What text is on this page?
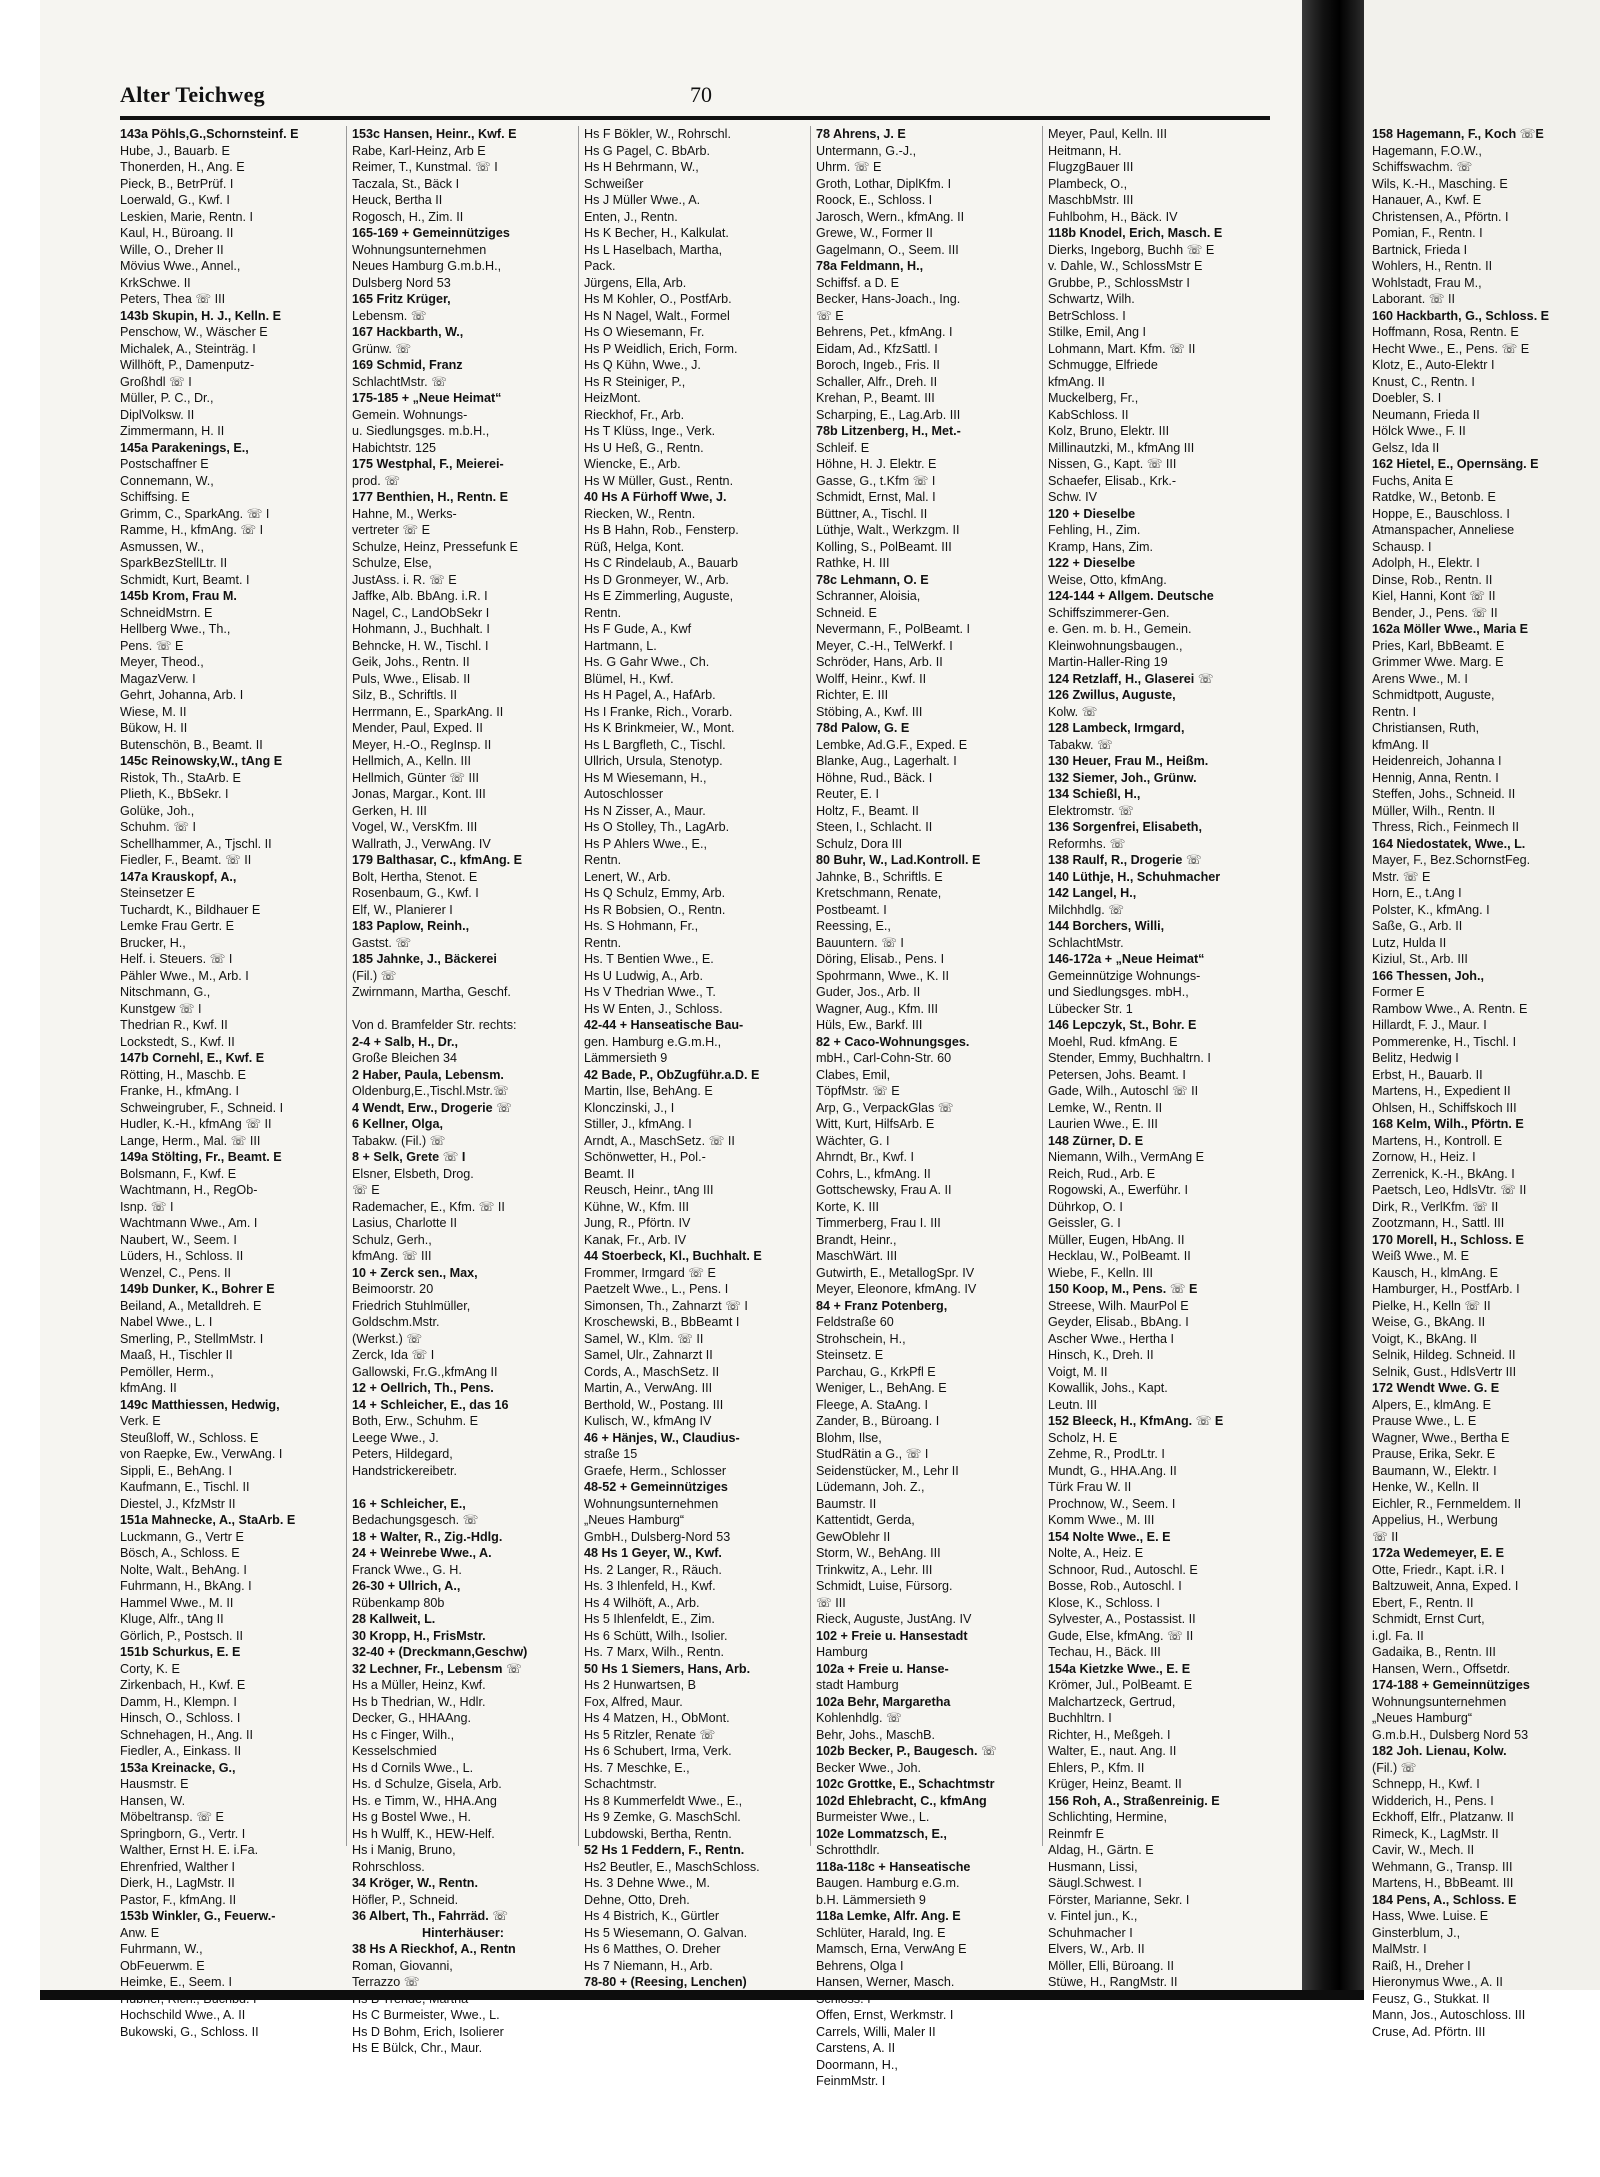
Alter Teichweg	70
143a Pöhls,G.,Schornsteinf. E
Hube, J., Bauarb. E
Thonerden, H., Ang. E
Pieck, B., BetrPrüf. I
Loerwald, G., Kwf. I
Leskien, Marie, Rentn. I
Kaul, H., Büroang. II
Wille, O., Dreher II
Mövius Wwe., Annel.,
KrkSchwe. II
Peters, Thea ☏ III
143b Skupin, H. J., Kelln. E
Penschow, W., Wäscher E
Michalek, A., Steinträg. I
Willhöft, P., Damenputz-
Großhdl ☏ I
Müller, P. C., Dr.,
DiplVolksw. II
Zimmermann, H. II
145a Parakenings, E.,
Postschaffner E
Connemann, W.,
Schiffsing. E
Grimm, C., SparkAng. ☏ I
Ramme, H., kfmAng. ☏ I
Asmussen, W.,
SparkBezStellLtr. II
Schmidt, Kurt, Beamt. I
145b Krom, Frau M.
SchneidMstrn. E
Hellberg Wwe., Th.,
Pens. ☏ E
Meyer, Theod.,
MagazVerw. I
Gehrt, Johanna, Arb. I
Wiese, M. II
Bükow, H. II
Butenschön, B., Beamt. II
145c Reinowsky,W., tAng E
Ristok, Th., StaArb. E
Plieth, K., BbSekr. I
Golüke, Joh.,
Schuhm. ☏ I
Schellhammer, A., Tjschl. II
Fiedler, F., Beamt. ☏ II
147a Krauskopf, A.,
Steinsetzer E
Tuchardt, K., Bildhauer E
Lemke Frau Gertr. E
Brucker, H.,
Helf. i. Steuers. ☏ I
Pähler Wwe., M., Arb. I
Nitschmann, G.,
Kunstgew ☏ I
Thedrian R., Kwf. II
Lockstedt, S., Kwf. II
147b Cornehl, E., Kwf. E
Rötting, H., Maschb. E
Franke, H., kfmAng. I
Schweingruber, F., Schneid. I
Hudler, K.-H., kfmAng ☏ II
Lange, Herm., Mal. ☏ III
149a Stölting, Fr., Beamt. E
Bolsmann, F., Kwf. E
Wachtmann, H., RegOb-
Isnp. ☏ I
Wachtmann Wwe., Am. I
Naubert, W., Seem. I
Lüders, H., Schloss. II
Wenzel, C., Pens. II
149b Dunker, K., Bohrer E
Beiland, A., Metalldreh. E
Nabel Wwe., L. I
Smerling, P., StellmMstr. I
Maaß, H., Tischler II
Pemöller, Herm.,
kfmAng. II
149c Matthiessen, Hedwig,
Verk. E
Steußloff, W., Schloss. E
von Raepke, Ew., VerwAng. I
Sippli, E., BehAng. I
Kaufmann, E., Tischl. II
Diestel, J., KfzMstr II
151a Mahnecke, A., StaArb. E
Luckmann, G., Vertr E
Bösch, A., Schloss. E
Nolte, Walt., BehAng. I
Fuhrmann, H., BkAng. I
Hammel Wwe., M. II
Kluge, Alfr., tAng II
Görlich, P., Postsch. II
151b Schurkus, E. E
Corty, K. E
Zirkenbach, H., Kwf. E
Damm, H., Klempn. I
Hinsch, O., Schloss. I
Schnehagen, H., Ang. II
Fiedler, A., Einkass. II
153a Kreinacke, G.,
Hausmstr. E
Hansen, W.
Möbeltransp. ☏ E
Springborn, G., Vertr. I
Walther, Ernst H. E. i.Fa.
Ehrenfried, Walther I
Dierk, H., LagMstr. II
Pastor, F., kfmAng. II
153b Winkler, G., Feuerw.-
Anw. E
Fuhrmann, W.,
ObFeuerwm. E
Heimke, E., Seem. I
Hochschild Wwe., A. II
Bukowski, G., Schloss. II
153c Hansen, Heinr., Kwf. E
Rabe, Karl-Heinz, Arb E
Reimer, T., Kunstmal. ☏ I
Taczala, St., Bäck I
Heuck, Bertha II
Rogosch, H., Zim. II
165-169 + Gemeinnütziges
Wohnungsunternehmen
Neues Hamburg G.m.b.H.,
Dulsberg Nord 53
165 Fritz Krüger,
Lebensm. ☏
167 Hackbarth, W.,
Grünw. ☏
169 Schmid, Franz
SchlachtMstr. ☏
175-185 + „Neue Heimat“
Gemein. Wohnungs-
u. Siedlungsges. m.b.H.,
Habichtstr. 125
175 Westphal, F., Meierei-
prod. ☏
177 Benthien, H., Rentn. E
Hahne, M., Werks-
vertreter ☏ E
Schulze, Heinz, Pressefunk E
Schulze, Else,
JustAss. i. R. ☏ E
Jaffke, Alb. BbAng. i.R. I
Nagel, C., LandObSekr I
Hohmann, J., Buchhalt. I
Behncke, H. W., Tischl. I
Geik, Johs., Rentn. II
Puls, Wwe., Elisab. II
Silz, B., Schriftls. II
Herrmann, E., SparkAng. II
Mender, Paul, Exped. II
Meyer, H.-O., RegInsp. II
Hellmich, A., Kelln. III
Hellmich, Günter ☏ III
Jonas, Margar., Kont. III
Gerken, H. III
Vogel, W., VersKfm. III
Wallrath, J., VerwAng. IV
179 Balthasar, C., kfmAng. E
Bolt, Hertha, Stenot. E
Rosenbaum, G., Kwf. I
Elf, W., Planierer I
183 Paplow, Reinh.,
Gastst. ☏
185 Jahnke, J., Bäckerei
(Fil.) ☏
Zwirnmann, Martha, Geschf.

Von d. Bramfelder Str. rechts:
2-4 + Salb, H., Dr.,
Große Bleichen 34
2 Haber, Paula, Lebensm.
Oldenburg,E.,Tischl.Mstr.☏
4 Wendt, Erw., Drogerie ☏
6 Kellner, Olga,
Tabakw. (Fil.) ☏
8 + Selk, Grete ☏ I
Elsner, Elsbeth, Drog.
☏ E
Rademacher, E., Kfm. ☏ II
Lasius, Charlotte II
Schulz, Gerh.,
kfmAng. ☏ III
10 + Zerck sen., Max,
Beimoorstr. 20
Friedrich Stuhlmüller,
Goldschm.Mstr.
(Werkst.) ☏
Zerck, Ida ☏ I
Gallowski, Fr.G.,kfmAng II
12 + Oellrich, Th., Pens.
14 + Schleicher, E., das 16
Both, Erw., Schuhm. E
Leege Wwe., J.
Peters, Hildegard,
Handstrickereibetr.

16 + Schleicher, E.,
Bedachungsgesch. ☏
18 + Walter, R., Zig.-Hdlg.
24 + Weinrebe Wwe., A.
Franck Wwe., G. H.
26-30 + Ullrich, A.,
Rübenkamp 80b
28 Kallweit, L.
30 Kropp, H., FrisMstr.
32-40 + (Dreckmann,Geschw)
32 Lechner, Fr., Lebensm ☏
Hs a Müller, Heinz, Kwf.
Hs b Thedrian, W., Hdlr.
Decker, G., HHAAng.
Hs c Finger, Wilh.,
Kesselschmied
Hs d Cornils Wwe., L.
Hs. d Schulze, Gisela, Arb.
Hs. e Timm, W., HHA.Ang
Hs g Bostel Wwe., H.
Hs h Wulff, K., HEW-Helf.
Hs i Manig, Bruno,
Rohrschloss.
34 Kröger, W., Rentn.
Höfler, P., Schneid.
36 Albert, Th., Fahrräd. ☏
Hinterhäuser:
38 Hs A Rieckhof, A., Rentn
Roman, Giovanni,
Terrazzo ☏
Hs C Burmeister, Wwe., L.
Hs D Bohm, Erich, Isolierer
Hs E Bülck, Chr., Maur.
Hs F Bökler, W., Rohrschl.
Hs G Pagel, C. BbArb.
Hs H Behrmann, W.,
Schweißer
Hs J Müller Wwe., A.
Enten, J., Rentn.
Hs K Becher, H., Kalkulat.
Hs L Haselbach, Martha,
Pack.
Jürgens, Ella, Arb.
Hs M Kohler, O., PostfArb.
Hs N Nagel, Walt., Formel
Hs O Wiesemann, Fr.
Hs P Weidlich, Erich, Form.
Hs Q Kühn, Wwe., J.
Hs R Steiniger, P.,
HeizMont.
Rieckhof, Fr., Arb.
Hs T Klüss, Inge., Verk.
Hs U Heß, G., Rentn.
Wiencke, E., Arb.
Hs W Müller, Gust., Rentn.
40 Hs A Fürhoff Wwe, J.
Riecken, W., Rentn.
Hs B Hahn, Rob., Fensterp.
Rüß, Helga, Kont.
Hs C Rindelaub, A., Bauarb
Hs D Gronmeyer, W., Arb.
Hs E Zimmerling, Auguste,
Rentn.
Hs F Gude, A., Kwf
Hartmann, L.
Hs. G Gahr Wwe., Ch.
Blümel, H., Kwf.
Hs H Pagel, A., HafArb.
Hs I Franke, Rich., Vorarb.
Hs K Brinkmeier, W., Mont.
Hs L Bargfleth, C., Tischl.
Ullrich, Ursula, Stenotyp.
Hs M Wiesemann, H.,
Autoschlosser
Hs N Zisser, A., Maur.
Hs O Stolley, Th., LagArb.
Hs P Ahlers Wwe., E.,
Rentn.
Lenert, W., Arb.
Hs Q Schulz, Emmy, Arb.
Hs R Bobsien, O., Rentn.
Hs. S Hohmann, Fr.,
Rentn.
Hs. T Bentien Wwe., E.
Hs U Ludwig, A., Arb.
Hs V Thedrian Wwe., T.
Hs W Enten, J., Schloss.
42-44 + Hanseatische Bau-
gen. Hamburg e.G.m.H.,
Lämmersieth 9
42 Bade, P., ObZugführ.a.D. E
Martin, Ilse, BehAng. E
Klonczinski, J., I
Stiller, J., kfmAng. I
Arndt, A., MaschSetz. ☏ II
Schönwetter, H., Pol.-
Beamt. II
Reusch, Heinr., tAng III
Kühne, W., Kfm. III
Jung, R., Pförtn. IV
Kanak, Fr., Arb. IV
44 Stoerbeck, Kl., Buchhalt. E
Frommer, Irmgard ☏ E
Paetzelt Wwe., L., Pens. I
Simonsen, Th., Zahnarzt ☏ I
Kroschewski, B., BbBeamt I
Samel, W., Klm. ☏ II
Samel, Ulr., Zahnarzt II
Cords, A., MaschSetz. II
Martin, A., VerwAng. III
Berthold, W., Postang. III
Kulisch, W., kfmAng IV
46 + Hänjes, W., Claudius-
straße 15
Graefe, Herm., Schlosser
48-52 + Gemeinnütziges
Wohnungsunternehmen
„Neues Hamburg“
GmbH., Dulsberg-Nord 53
48 Hs 1 Geyer, W., Kwf.
Hs. 2 Langer, R., Räuch.
Hs. 3 Ihlenfeld, H., Kwf.
Hs 4 Wilhöft, A., Arb.
Hs 5 Ihlenfeldt, E., Zim.
Hs 6 Schütt, Wilh., Isolier.
Hs. 7 Marx, Wilh., Rentn.
50 Hs 1 Siemers, Hans, Arb.
Hs 2 Hunwartsen, B
Fox, Alfred, Maur.
Hs 4 Matzen, H., ObMont.
Hs 5 Ritzler, Renate ☏
Hs 6 Schubert, Irma, Verk.
Hs. 7 Meschke, E.,
Schachtmstr.
Hs 8 Kummerfeldt Wwe., E.,
Hs 9 Zemke, G. MaschSchl.
Lubdowski, Bertha, Rentn.
52 Hs 1 Feddern, F., Rentn.
Hs2 Beutler, E., MaschSchloss.
Hs. 3 Dehne Wwe., M.
Dehne, Otto, Dreh.
Hs 4 Bistrich, K., Gürtler
Hs 5 Wiesemann, O. Galvan.
Hs 6 Matthes, O. Dreher
Hs 7 Niemann, H., Arb.
78-80 + (Reesing, Lenchen)
78 Ahrens, J. E
Untermann, G.-J.,
Uhrm. ☏ E
Groth, Lothar, DiplKfm. I
Roock, E., Schloss. I
Jarosch, Wern., kfmAng. II
Grewe, W., Former II
Gagelmann, O., Seem. III
78a Feldmann, H.,
Schiffsf. a D. E
Becker, Hans-Joach., Ing.
☏ E
Behrens, Pet., kfmAng. I
Eidam, Ad., KfzSattl. I
Boroch, Ingeb., Fris. II
Schaller, Alfr., Dreh. II
Krehan, P., Beamt. III
Scharping, E., Lag.Arb. III
78b Litzenberg, H., Met.-
Schleif. E
Höhne, H. J. Elektr. E
Gasse, G., t.Kfm ☏ I
Schmidt, Ernst, Mal. I
Büttner, A., Tischl. II
Lüthje, Walt., Werkzgm. II
Kolling, S., PolBeamt. III
Rathke, H. III
78c Lehmann, O. E
Schranner, Aloisia,
Schneid. E
Nevermann, F., PolBeamt. I
Meyer, C.-H., TelWerkf. I
Schröder, Hans, Arb. II
Wolff, Heinr., Kwf. II
Richter, E. III
Stöbing, A., Kwf. III
78d Palow, G. E
Lembke, Ad.G.F., Exped. E
Blanke, Aug., Lagerhalt. I
Höhne, Rud., Bäck. I
Reuter, E. I
Holtz, F., Beamt. II
Steen, I., Schlacht. II
Schulz, Dora III
80 Buhr, W., Lad.Kontroll. E
Jahnke, B., Schriftls. E
Kretschmann, Renate,
Postbeamt. I
Reessing, E.,
Bauuntern. ☏ I
Döring, Elisab., Pens. I
Spohrmann, Wwe., K. II
Guder, Jos., Arb. II
Wagner, Aug., Kfm. III
Hüls, Ew., Barkf. III
82 + Caco-Wohnungsges.
mbH., Carl-Cohn-Str. 60
Clabes, Emil,
TöpfMstr. ☏ E
Arp, G., VerpackGlas ☏
Witt, Kurt, HilfsArb. E
Wächter, G. I
Ahrndt, Br., Kwf. I
Cohrs, L., kfmAng. II
Gottschewsky, Frau A. II
Korte, K. III
Timmerberg, Frau I. III
Brandt, Heinr.,
MaschWärt. III
Gutwirth, E., MetallogSpr. IV
Meyer, Eleonore, kfmAng. IV
84 + Franz Potenberg,
Feldstraße 60
Strohschein, H.,
Steinsetz. E
Parchau, G., KrkPfl E
Weniger, L., BehAng. E
Fleege, A. StaAng. I
Zander, B., Büroang. I
Blohm, Ilse,
StudRätin a G., ☏ I
Seidenstücker, M., Lehr II
Lüdemann, Joh. Z.,
Baumstr. II
Kattentidt, Gerda,
GewOblehr II
Storm, W., BehAng. III
Trinkwitz, A., Lehr. III
Schmidt, Luise, Fürsorg.
☏ III
Rieck, Auguste, JustAng. IV
102 + Freie u. Hansestadt
Hamburg
102a + Freie u. Hanse-
stadt Hamburg
102a Behr, Margaretha
Kohlenhdlg. ☏
Behr, Johs., MaschB.
102b Becker, P., Baugesch. ☏
Becker Wwe., Joh.
102c Grottke, E., Schachtmstr
102d Ehlebracht, C., kfmAng
Burmeister Wwe., L.
102e Lommatzsch, E.,
Schrotthdlr.
118a-118c + Hanseatische
Baugen. Hamburg e.G.m.
b.H. Lämmersieth 9
118a Lemke, Alfr. Ang. E
Schlüter, Harald, Ing. E
Mamsch, Erna, VerwAng E
Behrens, Olga I
Hansen, Werner, Masch.
Offen, Ernst, Werkmstr. I
Carrels, Willi, Maler II
Carstens, A. II
Doormann, H.,
FeinmMstr. I
Meyer, Paul, Kelln. III
Heitmann, H.
FlugzgBauer III
Plambeck, O.,
MaschbMstr. III
Fuhlbohm, H., Bäck. IV
118b Knodel, Erich, Masch. E
Dierks, Ingeborg, Buchh ☏ E
v. Dahle, W., SchlossMstr E
Grubbe, P., SchlossMstr I
Schwartz, Wilh.
BetrSchloss. I
Stilke, Emil, Ang I
Lohmann, Mart. Kfm. ☏ II
Schmugge, Elfriede
kfmAng. II
Muckelberg, Fr.,
KabSchloss. II
Kolz, Bruno, Elektr. III
Millinautzki, M., kfmAng III
Nissen, G., Kapt. ☏ III
Schaefer, Elisab., Krk.-
Schw. IV
120 + Dieselbe
Fehling, H., Zim.
Kramp, Hans, Zim.
122 + Dieselbe
Weise, Otto, kfmAng.
124-144 + Allgem. Deutsche
Schiffszimmerer-Gen.
e. Gen. m. b. H., Gemein.
Kleinwohnungsbaugen.,
Martin-Haller-Ring 19
124 Retzlaff, H., Glaserei ☏
126 Zwillus, Auguste,
Kolw. ☏
128 Lambeck, Irmgard,
Tabakw. ☏
130 Heuer, Frau M., Heißm.
132 Siemer, Joh., Grünw.
134 Schießl, H.,
Elektromstr. ☏
136 Sorgenfrei, Elisabeth,
Reformhs. ☏
138 Raulf, R., Drogerie ☏
140 Lüthje, H., Schuhmacher
142 Langel, H.,
Milchhdlg. ☏
144 Borchers, Willi,
SchlachtMstr.
146-172a + „Neue Heimat“
Gemeinnützige Wohnungs-
und Siedlungsges. mbH.,
Lübecker Str. 1
146 Lepczyk, St., Bohr. E
Moehl, Rud. kfmAng. E
Stender, Emmy, Buchhaltrn. I
Petersen, Johs. Beamt. I
Gade, Wilh., Autoschl ☏ II
Lemke, W., Rentn. II
Laurien Wwe., E. III
148 Zürner, D. E
Niemann, Wilh., VermAng E
Reich, Rud., Arb. E
Rogowski, A., Ewerführ. I
Dührkop, O. I
Geissler, G. I
Müller, Eugen, HbAng. II
Hecklau, W., PolBeamt. II
Wiebe, F., Kelln. III
150 Koop, M., Pens. ☏ E
Streese, Wilh. MaurPol E
Geyder, Elisab., BbAng. I
Ascher Wwe., Hertha I
Hinsch, K., Dreh. II
Voigt, M. II
Kowallik, Johs., Kapt.
Leutn. III
152 Bleeck, H., KfmAng. ☏ E
Scholz, H. E
Zehme, R., ProdLtr. I
Mundt, G., HHA.Ang. II
Türk Frau W. II
Prochnow, W., Seem. I
Komm Wwe., M. III
154 Nolte Wwe., E. E
Nolte, A., Heiz. E
Schnoor, Rud., Autoschl. E
Bosse, Rob., Autoschl. I
Klose, K., Schloss. I
Sylvester, A., Postassist. II
Gude, Else, kfmAng. ☏ II
Techau, H., Bäck. III
154a Kietzke Wwe., E. E
Krömer, Jul., PolBeamt. E
Malchartzeck, Gertrud,
Buchhltrn. I
Richter, H., Meßgeh. I
Walter, E., naut. Ang. II
Ehlers, P., Kfm. II
Krüger, Heinz, Beamt. II
156 Roh, A., Straßenreinig. E
Schlichting, Hermine,
Reinmfr E
Aldag, H., Gärtn. E
Husmann, Lissi,
Säugl.Schwest. I
Förster, Marianne, Sekr. I
v. Fintel jun., K.,
Schuhmacher I
Elvers, W., Arb. II
Möller, Elli, Büroang. II
Stüwe, H., RangMstr. II
158 Hagemann, F., Koch ☏E
Hagemann, F.O.W.,
Schiffswachm. ☏
Wils, K.-H., Masching. E
Hanauer, A., Kwf. E
Christensen, A., Pförtn. I
Pomian, F., Rentn. I
Bartnick, Frieda I
Wohlers, H., Rentn. II
Wohlstadt, Frau M.,
Laborant. ☏ II
160 Hackbarth, G., Schloss. E
Hoffmann, Rosa, Rentn. E
Hecht Wwe., E., Pens. ☏ E
Klotz, E., Auto-Elektr I
Knust, C., Rentn. I
Doebler, S. I
Neumann, Frieda II
Hölck Wwe., F. II
Gelsz, Ida II
162 Hietel, E., Opernsäng. E
Fuchs, Anita E
Ratdke, W., Betonb. E
Hoppe, E., Bauschloss. I
Atmanspacher, Anneliese
Schausp. I
Adolph, H., Elektr. I
Dinse, Rob., Rentn. II
Kiel, Hanni, Kont ☏ II
Bender, J., Pens. ☏ II
162a Möller Wwe., Maria E
Pries, Karl, BbBeamt. E
Grimmer Wwe. Marg. E
Arens Wwe., M. I
Schmidtpott, Auguste,
Rentn. I
Christiansen, Ruth,
kfmAng. II
Heidenreich, Johanna I
Hennig, Anna, Rentn. I
Steffen, Johs., Schneid. II
Müller, Wilh., Rentn. II
Thress, Rich., Feinmech II
164 Niedostatek, Wwe., L.
Mayer, F., Bez.SchornstFeg.
Mstr. ☏ E
Horn, E., t.Ang I
Polster, K., kfmAng. I
Saße, G., Arb. II
Lutz, Hulda II
Kiziul, St., Arb. III
166 Thessen, Joh.,
Former E
Rambow Wwe., A. Rentn. E
Hillardt, F. J., Maur. I
Pommerenke, H., Tischl. I
Belitz, Hedwig I
Erbst, H., Bauarb. II
Martens, H., Expedient II
Ohlsen, H., Schiffskoch III
168 Kelm, Wilh., Pförtn. E
Martens, H., Kontroll. E
Zornow, H., Heiz. I
Zerrenick, K.-H., BkAng. I
Paetsch, Leo, HdlsVtr. ☏ II
Dirk, R., VerlKfm. ☏ II
Zootzmann, H., Sattl. III
170 Morell, H., Schloss. E
Weiß Wwe., M. E
Kausch, H., klmAng. E
Hamburger, H., PostfArb. I
Pielke, H., Kelln ☏ II
Weise, G., BkAng. II
Voigt, K., BkAng. II
Selnik, Hildeg. Schneid. II
Selnik, Gust., HdlsVertr III
172 Wendt Wwe. G. E
Alpers, E., klmAng. E
Prause Wwe., L. E
Wagner, Wwe., Bertha E
Prause, Erika, Sekr. E
Baumann, W., Elektr. I
Henke, W., Kelln. II
Eichler, R., Fernmeldem. II
Appelius, H., Werbung
☏ II
172a Wedemeyer, E. E
Otte, Friedr., Kapt. i.R. I
Baltzuweit, Anna, Exped. I
Ebert, F., Rentn. II
Schmidt, Ernst Curt,
i.gl. Fa. II
Gadaika, B., Rentn. III
Hansen, Wern., Offsetdr.
174-188 + Gemeinnütziges
Wohnungsunternehmen
„Neues Hamburg“
G.m.b.H., Dulsberg Nord 53
182 Joh. Lienau, Kolw.
(Fil.) ☏
Schnepp, H., Kwf. I
Widderich, H., Pens. I
Eckhoff, Elfr., Platzanw. II
Rimeck, K., LagMstr. II
Cavir, W., Mech. II
Wehmann, G., Transp. III
Martens, H., BbBeamt. III
184 Pens, A., Schloss. E
Hass, Wwe. Luise. E
Ginsterblum, J.,
MalMstr. I
Raiß, H., Dreher I
Hieronymus Wwe., A. II
Feusz, G., Stukkat. II
Mann, Jos., Autoschloss. III
Cruse, Ad. Pförtn. III
